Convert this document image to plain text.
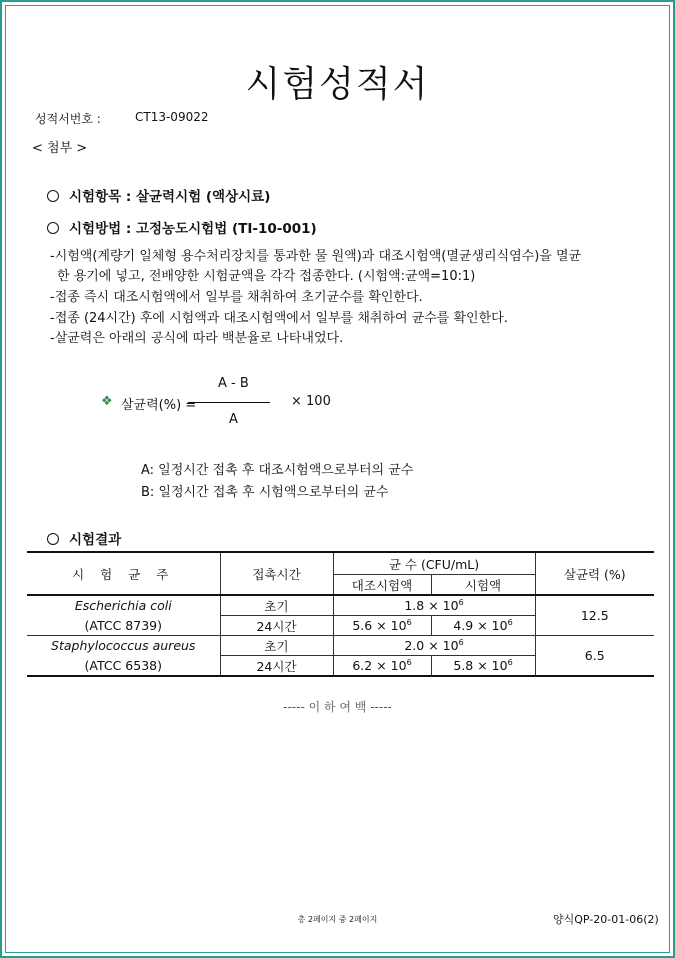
시험성적서
성적서번호 :	CT13-09022
< 첨부 >
시험항목 : 살균력시험 (액상시료)
시험방법 : 고정농도시험법 (TI-10-001)
-시험액(계량기 일체형 용수처리장치를 통과한 물 원액)과 대조시험액(멸균생리식염수)을 멸균
한 용기에 넣고, 전배양한 시험균액을 각각 접종한다. (시험액:균액=10:1)
-접종 즉시 대조시험액에서 일부를 채취하여 초기균수를 확인한다.
-접종 (24시간) 후에 시험액과 대조시험액에서 일부를 채취하여 균수를 확인한다.
-살균력은 아래의 공식에 따라 백분율로 나타내었다.
A - B
❖ 살균력(%) =	× 100
A
A: 일정시간 접촉 후 대조시험액으로부터의 균수
B: 일정시간 접촉 후 시험액으로부터의 균수
시험결과
시 험 균 주	접촉시간	균 수 (CFU/mL)		살균력 (%)
		대조시험액	시험액	
Escherichia coli	초기	$1.8 \times 10^6$		12.5
(ATCC 8739)	24시간	$5.6 \times 10^6$	$4.9 \times 10^6$
Staphylococcus aureus	초기	$2.0 \times 10^6$		6.5
(ATCC 6538)	24시간	$6.2 \times 10^6$	$5.8 \times 10^6$
----- 이 하 여 백 -----
총 2페이지 중 2페이지	양식QP-20-01-06(2)
